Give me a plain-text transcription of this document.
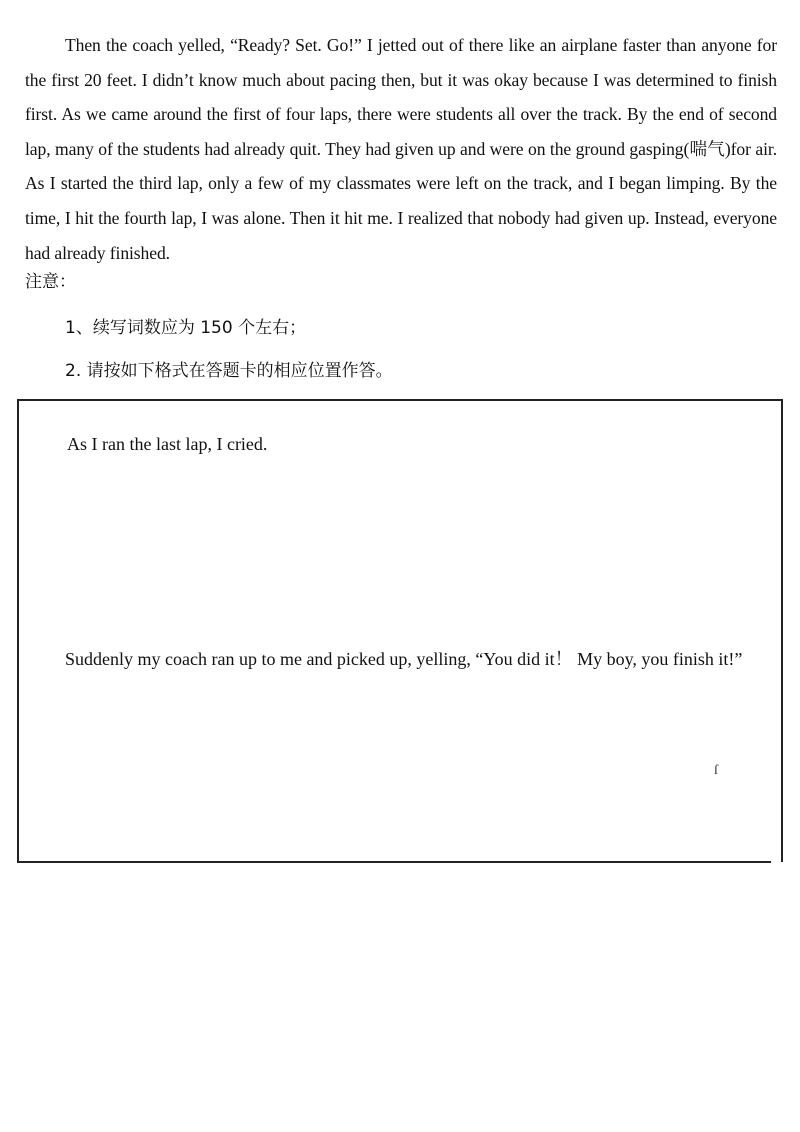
Then the coach yelled, “Ready? Set. Go!” I jetted out of there like an airplane faster than anyone for the first 20 feet. I didn’t know much about pacing then, but it was okay because I was determined to finish first. As we came around the first of four laps, there were students all over the track. By the end of second lap, many of the students had already quit. They had given up and were on the ground gasping(喘气)for air. As I started the third lap, only a few of my classmates were left on the track, and I began limping. By the time, I hit the fourth lap, I was alone. Then it hit me. I realized that nobody had given up. Instead, everyone had already finished.

注意：
1、续写词数应为 150 个左右；
2. 请按如下格式在答题卡的相应位置作答。
As I ran the last lap, I cried.
Suddenly my coach ran up to me and picked up, yelling, “You did it！ My boy, you finish it!”
ſ
